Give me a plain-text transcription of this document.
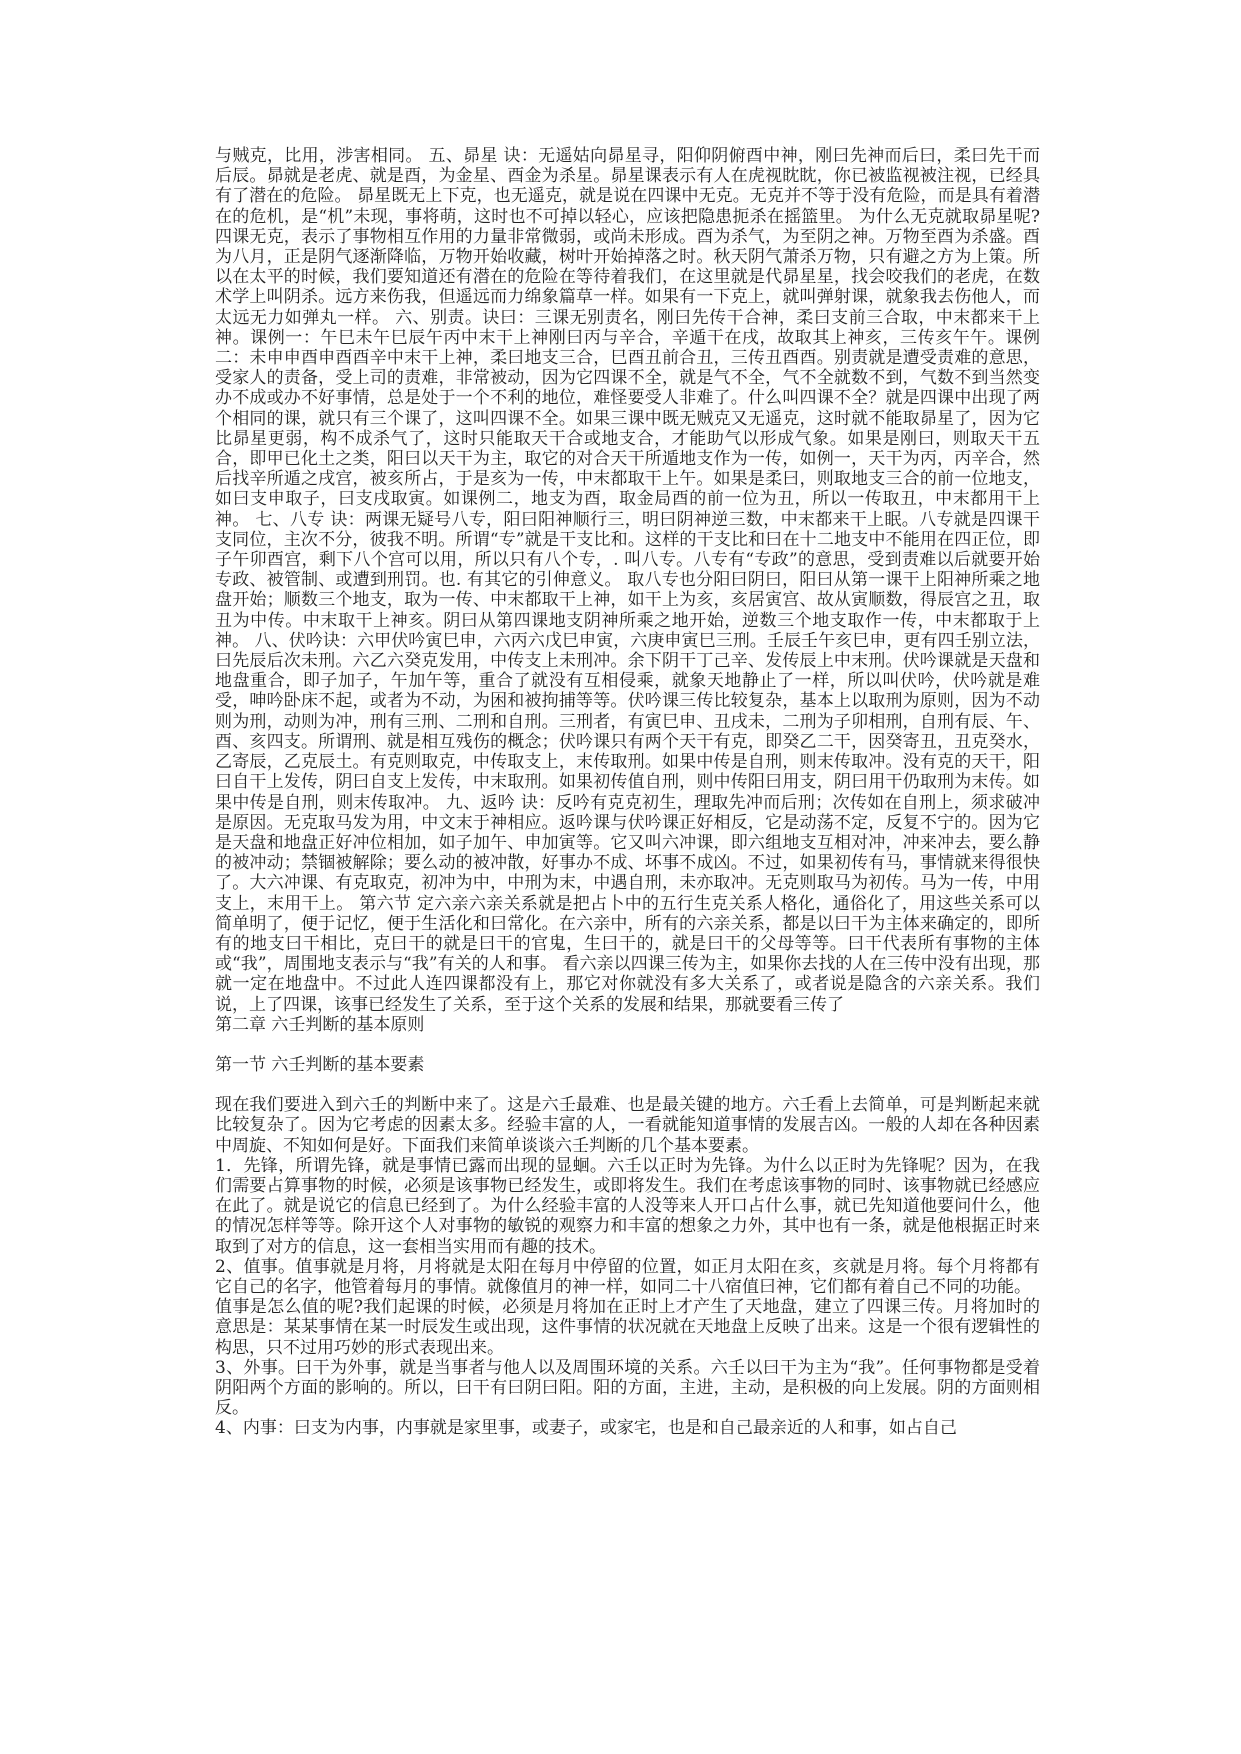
与贼克，比用，涉害相同。 五、昴星 诀：无遥姑向昴星寻，阳仰阴俯酉中神，刚曰先神而后曰，柔曰先干而后辰。昴就是老虎、就是酉，为金星、酉金为杀星。昴星课表示有人在虎视眈眈，你已被监视被注视，已经具有了潜在的危险。 昴星既无上下克，也无遥克，就是说在四课中无克。无克并不等于没有危险，而是具有着潜在的危机，是“机”未现，事将萌，这时也不可掉以轻心，应该把隐患扼杀在摇篮里。 为什么无克就取昴星呢?四课无克，表示了事物相互作用的力量非常微弱，或尚未形成。酉为杀气，为至阴之神。万物至酉为杀盛。酉为八月，正是阴气逐渐降临，万物开始收藏，树叶开始掉落之时。秋天阴气萧杀万物，只有避之方为上策。所以在太平的时候，我们要知道还有潜在的危险在等待着我们，在这里就是代昴星星，找会咬我们的老虎，在数术学上叫阴杀。远方来伤我，但遥远而力绵象篇草一样。如果有一下克上，就叫弹射课，就象我去伤他人，而太远无力如弹丸一样。 六、别责。诀曰：三课无别责名，刚曰先传干合神，柔曰支前三合取，中末都来干上神。课例一：午巳未午巳辰午丙中末干上神刚曰丙与辛合，辛遁干在戌，故取其上神亥，三传亥午午。课例二：未申申酉申酉酉辛中末干上神，柔曰地支三合，巳酉丑前合丑，三传丑酉酉。别责就是遭受责难的意思，受家人的责备，受上司的责难，非常被动，因为它四课不全，就是气不全，气不全就数不到，气数不到当然变办不成或办不好事情，总是处于一个不利的地位，难怪要受人非难了。什么叫四课不全？就是四课中出现了两个相同的课，就只有三个课了，这叫四课不全。如果三课中既无贼克又无遥克，这时就不能取昴星了，因为它比昴星更弱，构不成杀气了，这时只能取天干合或地支合，才能助气以形成气象。如果是刚曰，则取天干五合，即甲已化土之类，阳曰以天干为主，取它的对合天干所遁地支作为一传，如例一，天干为丙，丙辛合，然后找辛所遁之戌宫，被亥所占，于是亥为一传，中末都取干上午。如果是柔曰，则取地支三合的前一位地支，如曰支申取子，曰支戌取寅。如课例二，地支为酉，取金局酉的前一位为丑，所以一传取丑，中末都用干上神。 七、八专 诀：两课无疑号八专，阳曰阳神顺行三，明曰阴神逆三数，中末都来干上眠。八专就是四课干支同位，主次不分，彼我不明。所谓“专”就是干支比和。这样的干支比和曰在十二地支中不能用在四正位，即子午卯酉宫，剩下八个宫可以用，所以只有八个专，. 叫八专。八专有“专政”的意思，受到责难以后就要开始专政、被管制、或遭到刑罚。也. 有其它的引伸意义。 取八专也分阳曰阴曰，阳曰从第一课干上阳神所乘之地盘开始；顺数三个地支，取为一传、中末都取干上神，如干上为亥，亥居寅宫、故从寅顺数，得辰宫之丑，取丑为中传。中末取干上神亥。阴曰从第四课地支阴神所乘之地开始，逆数三个地支取作一传，中末都取于上神。 八、伏吟诀：六甲伏吟寅巳申，六丙六戊巳申寅，六庚申寅巳三刑。壬辰壬午亥巳申，更有四壬别立法，曰先辰后次未刑。六乙六癸克发用，中传支上未刑冲。余下阴干丁己辛、发传辰上中末刑。伏吟课就是天盘和地盘重合，即子加子，午加午等，重合了就没有互相侵乘，就象天地静止了一样，所以叫伏吟，伏吟就是难受，呻吟卧床不起，或者为不动，为困和被拘捕等等。伏吟课三传比较复杂，基本上以取刑为原则，因为不动则为刑，动则为冲，刑有三刑、二刑和自刑。三刑者，有寅巳申、丑戌未，二刑为子卯相刑，自刑有辰、午、酉、亥四支。所谓刑、就是相互残伤的概念；伏吟课只有两个天干有克，即癸乙二干，因癸寄丑，丑克癸水，乙寄辰，乙克辰土。有克则取克，中传取支上，末传取刑。如果中传是自刑，则末传取冲。没有克的天干，阳曰自干上发传，阴曰自支上发传，中末取刑。如果初传值自刑，则中传阳曰用支，阴曰用干仍取刑为末传。如果中传是自刑，则末传取冲。 九、返吟 诀：反吟有克克初生，理取先冲而后刑；次传如在自刑上，须求破冲是原因。无克取马发为用，中文末于神相应。返吟课与伏吟课正好相反，它是动荡不定，反复不宁的。因为它是天盘和地盘正好冲位相加，如子加午、申加寅等。它又叫六冲课，即六组地支互相对冲，冲来冲去，要么静的被冲动；禁锢被解除；要么动的被冲散，好事办不成、坏事不成凶。不过，如果初传有马，事情就来得很快了。大六冲课、有克取克，初冲为中，中刑为末，中遇自刑，未亦取冲。无克则取马为初传。马为一传，中用支上，末用干上。 第六节 定六亲六亲关系就是把占卜中的五行生克关系人格化，通俗化了，用这些关系可以简单明了，便于记忆，便于生活化和曰常化。在六亲中，所有的六亲关系，都是以曰干为主体来确定的，即所有的地支曰干相比，克曰干的就是曰干的官鬼，生曰干的，就是曰干的父母等等。曰干代表所有事物的主体或“我”，周围地支表示与“我”有关的人和事。 看六亲以四课三传为主，如果你去找的人在三传中没有出现，那就一定在地盘中。不过此人连四课都没有上，那它对你就没有多大关系了，或者说是隐含的六亲关系。我们说，上了四课，该事已经发生了关系，至于这个关系的发展和结果，那就要看三传了

第二章 六壬判断的基本原则

第一节 六壬判断的基本要素

现在我们要进入到六壬的判断中来了。这是六壬最难、也是最关键的地方。六壬看上去简单，可是判断起来就比较复杂了。因为它考虑的因素太多。经验丰富的人，一看就能知道事情的发展吉凶。一般的人却在各种因素中周旋、不知如何是好。下面我们来简单谈谈六壬判断的几个基本要素。

1．先锋，所谓先锋，就是事情已露而出现的显蛔。六壬以正时为先锋。为什么以正时为先锋呢？因为，在我们需要占算事物的时候，必须是该事物已经发生，或即将发生。我们在考虑该事物的同时、该事物就已经感应在此了。就是说它的信息已经到了。为什么经验丰富的人没等来人开口占什么事，就已先知道他要问什么，他的情况怎样等等。除开这个人对事物的敏锐的观察力和丰富的想象之力外，其中也有一条，就是他根据正时来取到了对方的信息，这一套相当实用而有趣的技术。

2、值事。值事就是月将，月将就是太阳在每月中停留的位置，如正月太阳在亥，亥就是月将。每个月将都有它自己的名字，他管着每月的事情。就像值月的神一样，如同二十八宿值曰神，它们都有着自己不同的功能。

值事是怎么值的呢?我们起课的时候，必须是月将加在正时上才产生了天地盘，建立了四课三传。月将加时的意思是：某某事情在某一时辰发生或出现，这件事情的状况就在天地盘上反映了出来。这是一个很有逻辑性的构思，只不过用巧妙的形式表现出来。

3、外事。曰干为外事，就是当事者与他人以及周围环境的关系。六壬以曰干为主为“我”。任何事物都是受着阴阳两个方面的影响的。所以，曰干有曰阴曰阳。阳的方面，主进，主动，是积极的向上发展。阴的方面则相反。

4、内事：曰支为内事，内事就是家里事，或妻子，或家宅，也是和自己最亲近的人和事，如占自己
